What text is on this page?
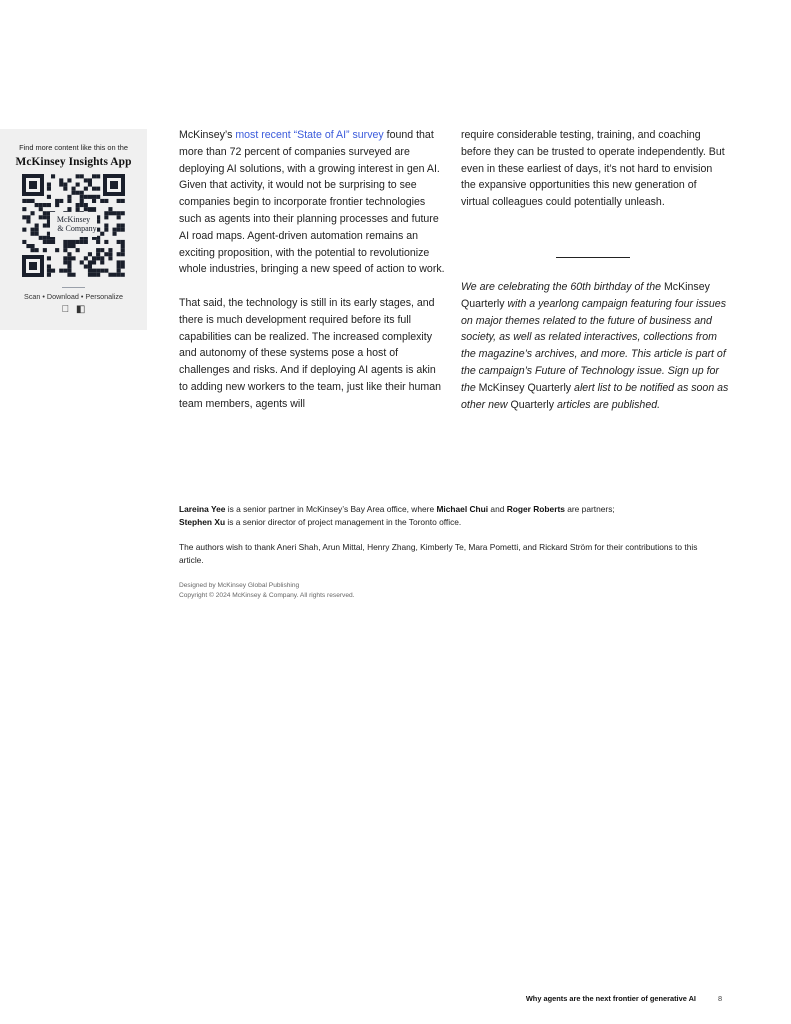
Find more content like this on the
McKinsey Insights App
McKinsey
& Company
Scan • Download • Personalize
◧

McKinsey’s most recent “State of AI” survey found that more than 72 percent of companies surveyed are deploying AI solutions, with a growing interest in gen AI. Given that activity, it would not be surprising to see companies begin to incorporate frontier technologies such as agents into their planning processes and future AI road maps. Agent-driven automation remains an exciting proposition, with the potential to revolutionize whole industries, bringing a new speed of action to work.

That said, the technology is still in its early stages, and there is much development required before its full capabilities can be realized. The increased complexity and autonomy of these systems pose a host of challenges and risks. And if deploying AI agents is akin to adding new workers to the team, just like their human team members, agents will

require considerable testing, training, and coaching before they can be trusted to operate independently. But even in these earliest of days, it’s not hard to envision the expansive opportunities this new generation of virtual colleagues could potentially unleash.

We are celebrating the 60th birthday of the McKinsey Quarterly with a yearlong campaign featuring four issues on major themes related to the future of business and society, as well as related interactives, collections from the magazine’s archives, and more. This article is part of the campaign’s Future of Technology issue. Sign up for the McKinsey Quarterly alert list to be notified as soon as other new Quarterly articles are published.
Lareina Yee is a senior partner in McKinsey’s Bay Area office, where Michael Chui and Roger Roberts are partners;
Stephen Xu is a senior director of project management in the Toronto office.
The authors wish to thank Aneri Shah, Arun Mittal, Henry Zhang, Kimberly Te, Mara Pometti, and Rickard Ström for their contributions to this article.
Designed by McKinsey Global Publishing
Copyright © 2024 McKinsey & Company. All rights reserved.
Why agents are the next frontier of generative AI	8
